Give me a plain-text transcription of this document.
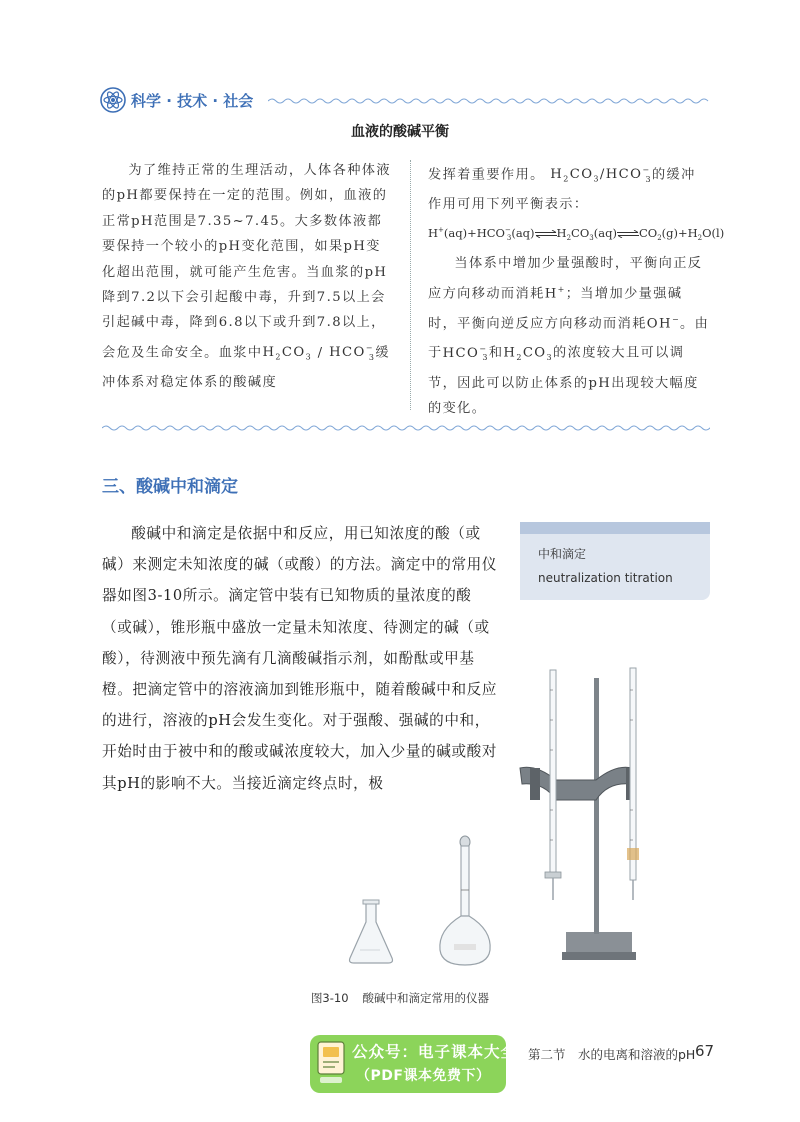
科学 · 技术 · 社会
血液的酸碱平衡

为了维持正常的生理活动，人体各种体液的pH都要保持在一定的范围。例如，血液的正常pH范围是7.35~7.45。大多数体液都要保持一个较小的pH变化范围，如果pH变化超出范围，就可能产生危害。当血浆的pH降到7.2以下会引起酸中毒，升到7.5以上会引起碱中毒，降到6.8以下或升到7.8以上，会危及生命安全。血浆中$H_2CO_3 / HCO^-_3$缓冲体系对稳定体系的酸碱度

发挥着重要作用。 $H_2CO_3/HCO^-_3$的缓冲作用可用下列平衡表示：

$H^+(aq)+HCO^-_3(aq)\rightleftharpoons H_2CO_3(aq)\rightleftharpoons CO_2(g)+H_2O(l)$

当体系中增加少量强酸时，平衡向正反应方向移动而消耗H+；当增加少量强碱时，平衡向逆反应方向移动而消耗OH−。由于$HCO^-_3$和$H_2CO_3$的浓度较大且可以调节，因此可以防止体系的pH出现较大幅度的变化。

三、酸碱中和滴定

酸碱中和滴定是依据中和反应，用已知浓度的酸（或碱）来测定未知浓度的碱（或酸）的方法。滴定中的常用仪器如图3-10所示。滴定管中装有已知物质的量浓度的酸（或碱），锥形瓶中盛放一定量未知浓度、待测定的碱（或酸），待测液中预先滴有几滴酸碱指示剂，如酚酞或甲基橙。把滴定管中的溶液滴加到锥形瓶中，随着酸碱中和反应的进行，溶液的pH会发生变化。对于强酸、强碱的中和，开始时由于被中和的酸或碱浓度较大，加入少量的碱或酸对其pH的影响不大。当接近滴定终点时，极

中和滴定
neutralization titration
图3-10 酸碱中和滴定常用的仪器
公众号：电子课本大全
（PDF课本免费下）
第二节　水的电离和溶液的pH 67
